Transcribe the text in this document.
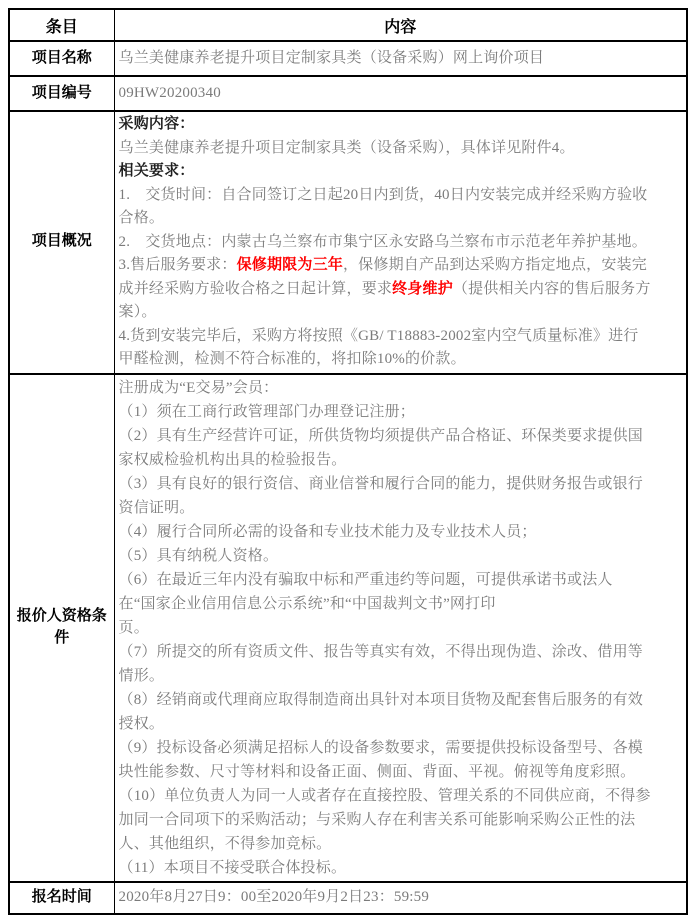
条目	内容
项目名称	乌兰美健康养老提升项目定制家具类（设备采购）网上询价项目
项目编号	09HW20200340
项目概况	采购内容：
乌兰美健康养老提升项目定制家具类（设备采购），具体详见附件4。
相关要求：
1.　交货时间：自合同签订之日起20日内到货，40日内安装完成并经采购方验收
合格。
2.　交货地点：内蒙古乌兰察布市集宁区永安路乌兰察布市示范老年养护基地。
3.售后服务要求：保修期限为三年，保修期自产品到达采购方指定地点，安装完
成并经采购方验收合格之日起计算，要求终身维护（提供相关内容的售后服务方
案）。
4.货到安装完毕后，采购方将按照《GB/ T18883-2002室内空气质量标准》进行
甲醛检测，检测不符合标准的，将扣除10%的价款。
报价人资格条件	注册成为“E交易”会员：
（1）须在工商行政管理部门办理登记注册；
（2）具有生产经营许可证，所供货物均须提供产品合格证、环保类要求提供国
家权威检验机构出具的检验报告。
（3）具有良好的银行资信、商业信誉和履行合同的能力，提供财务报告或银行
资信证明。
（4）履行合同所必需的设备和专业技术能力及专业技术人员；
（5）具有纳税人资格。
（6）在最近三年内没有骗取中标和严重违约等问题，可提供承诺书或法人
在“国家企业信用信息公示系统”和“中国裁判文书”网打印
页。
（7）所提交的所有资质文件、报告等真实有效，不得出现伪造、涂改、借用等
情形。
（8）经销商或代理商应取得制造商出具针对本项目货物及配套售后服务的有效
授权。
（9）投标设备必须满足招标人的设备参数要求，需要提供投标设备型号、各模
块性能参数、尺寸等材料和设备正面、侧面、背面、平视。俯视等角度彩照。
（10）单位负责人为同一人或者存在直接控股、管理关系的不同供应商，不得参
加同一合同项下的采购活动；与采购人存在利害关系可能影响采购公正性的法
人、其他组织，不得参加竞标。
（11）本项目不接受联合体投标。
报名时间	2020年8月27日9：00至2020年9月2日23：59:59
